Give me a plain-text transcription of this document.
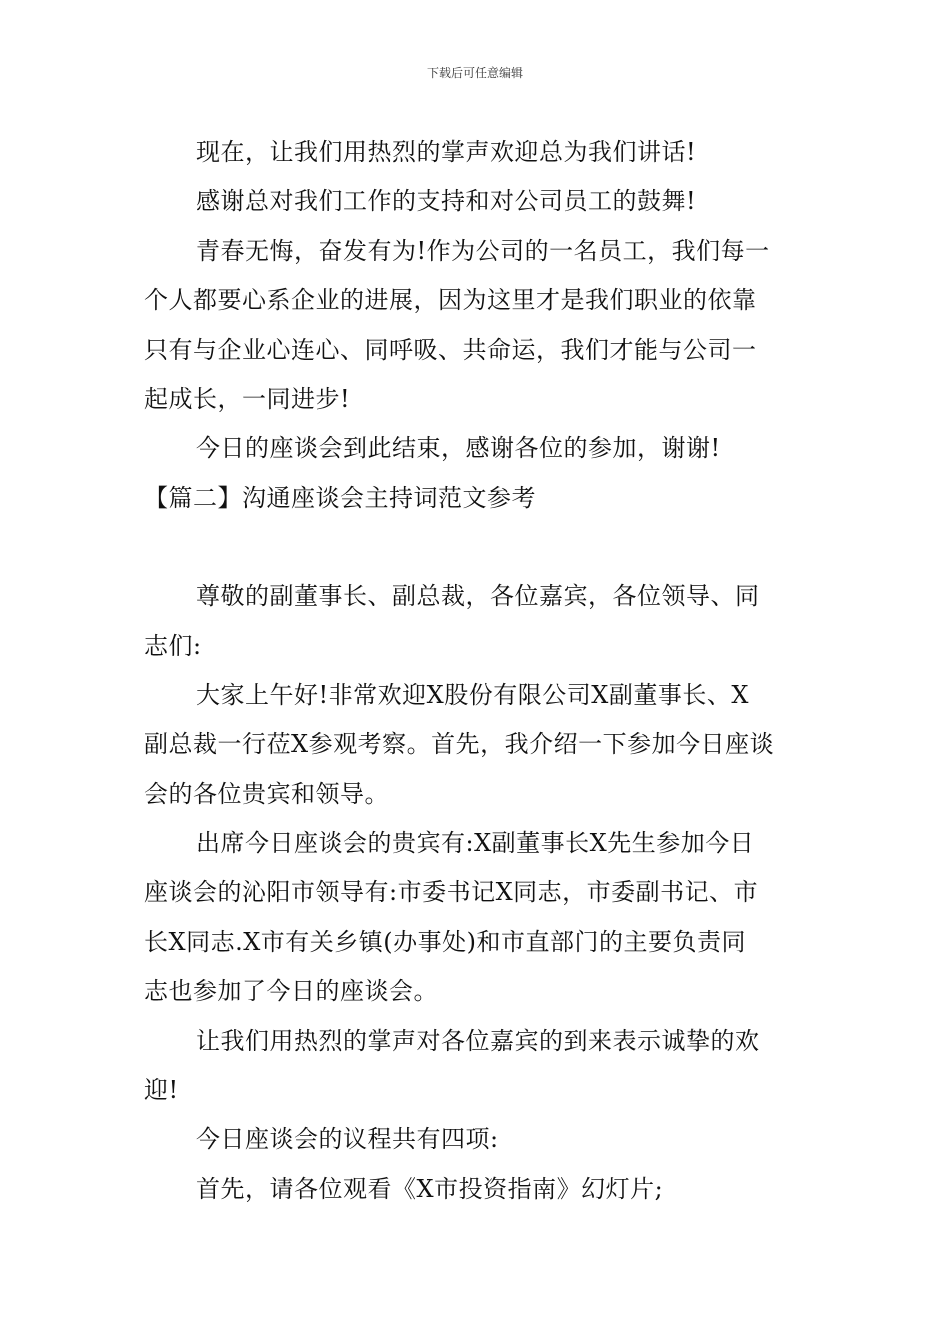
下载后可任意编辑
现在，让我们用热烈的掌声欢迎总为我们讲话!
感谢总对我们工作的支持和对公司员工的鼓舞!
青春无悔，奋发有为!作为公司的一名员工，我们每一
个人都要心系企业的进展，因为这里才是我们职业的依靠
只有与企业心连心、同呼吸、共命运，我们才能与公司一
起成长，一同进步!
今日的座谈会到此结束，感谢各位的参加，谢谢!
【篇二】沟通座谈会主持词范文参考
尊敬的副董事长、副总裁，各位嘉宾，各位领导、同
志们:
大家上午好!非常欢迎X股份有限公司X副董事长、X
副总裁一行莅X参观考察。首先，我介绍一下参加今日座谈
会的各位贵宾和领导。
出席今日座谈会的贵宾有:X副董事长X先生参加今日
座谈会的沁阳市领导有:市委书记X同志，市委副书记、市
长X同志.X市有关乡镇(办事处)和市直部门的主要负责同
志也参加了今日的座谈会。
让我们用热烈的掌声对各位嘉宾的到来表示诚挚的欢
迎!
今日座谈会的议程共有四项:
首先，请各位观看《X市投资指南》幻灯片;
